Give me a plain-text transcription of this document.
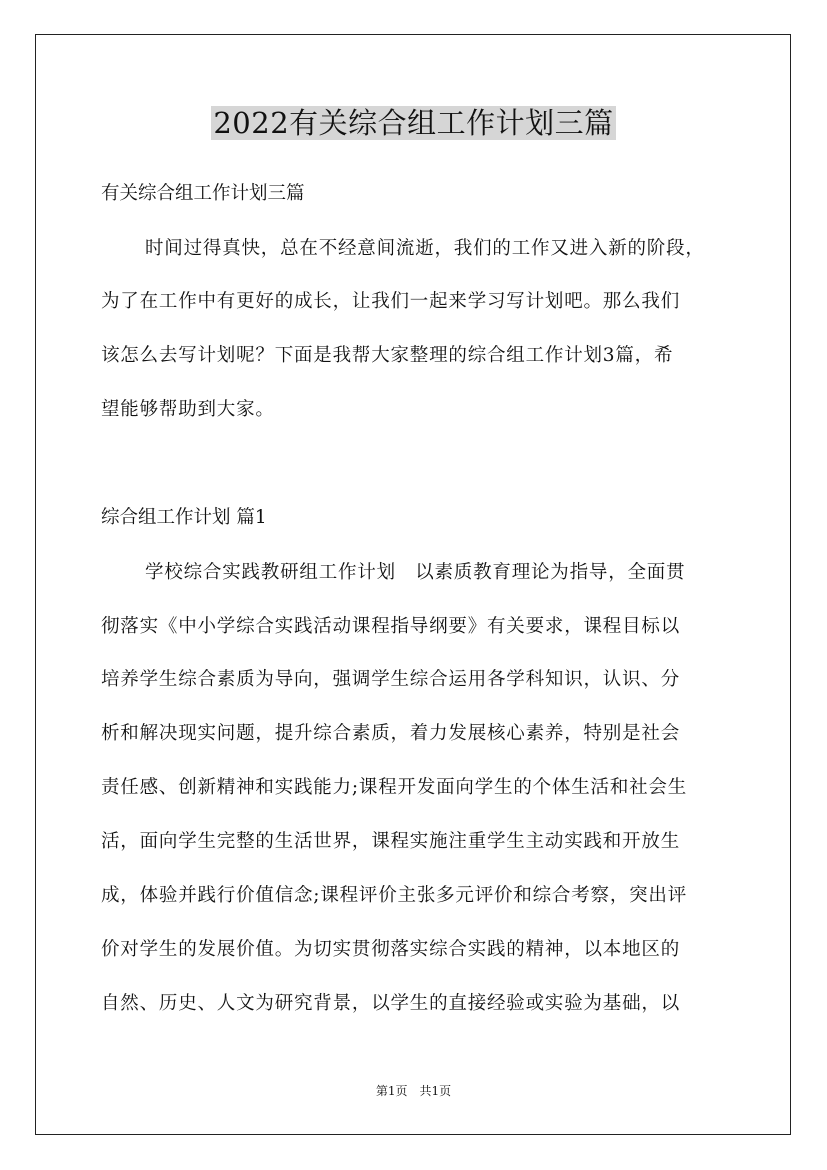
2022有关综合组工作计划三篇
有关综合组工作计划三篇
时间过得真快，总在不经意间流逝，我们的工作又进入新的阶段，
为了在工作中有更好的成长，让我们一起来学习写计划吧。那么我们
该怎么去写计划呢？下面是我帮大家整理的综合组工作计划3篇，希
望能够帮助到大家。
综合组工作计划 篇1
学校综合实践教研组工作计划　以素质教育理论为指导，全面贯
彻落实《中小学综合实践活动课程指导纲要》有关要求，课程目标以
培养学生综合素质为导向，强调学生综合运用各学科知识，认识、分
析和解决现实问题，提升综合素质，着力发展核心素养，特别是社会
责任感、创新精神和实践能力;课程开发面向学生的个体生活和社会生
活，面向学生完整的生活世界，课程实施注重学生主动实践和开放生
成，体验并践行价值信念;课程评价主张多元评价和综合考察，突出评
价对学生的发展价值。为切实贯彻落实综合实践的精神，以本地区的
自然、历史、人文为研究背景，以学生的直接经验或实验为基础，以
第1页　共1页
